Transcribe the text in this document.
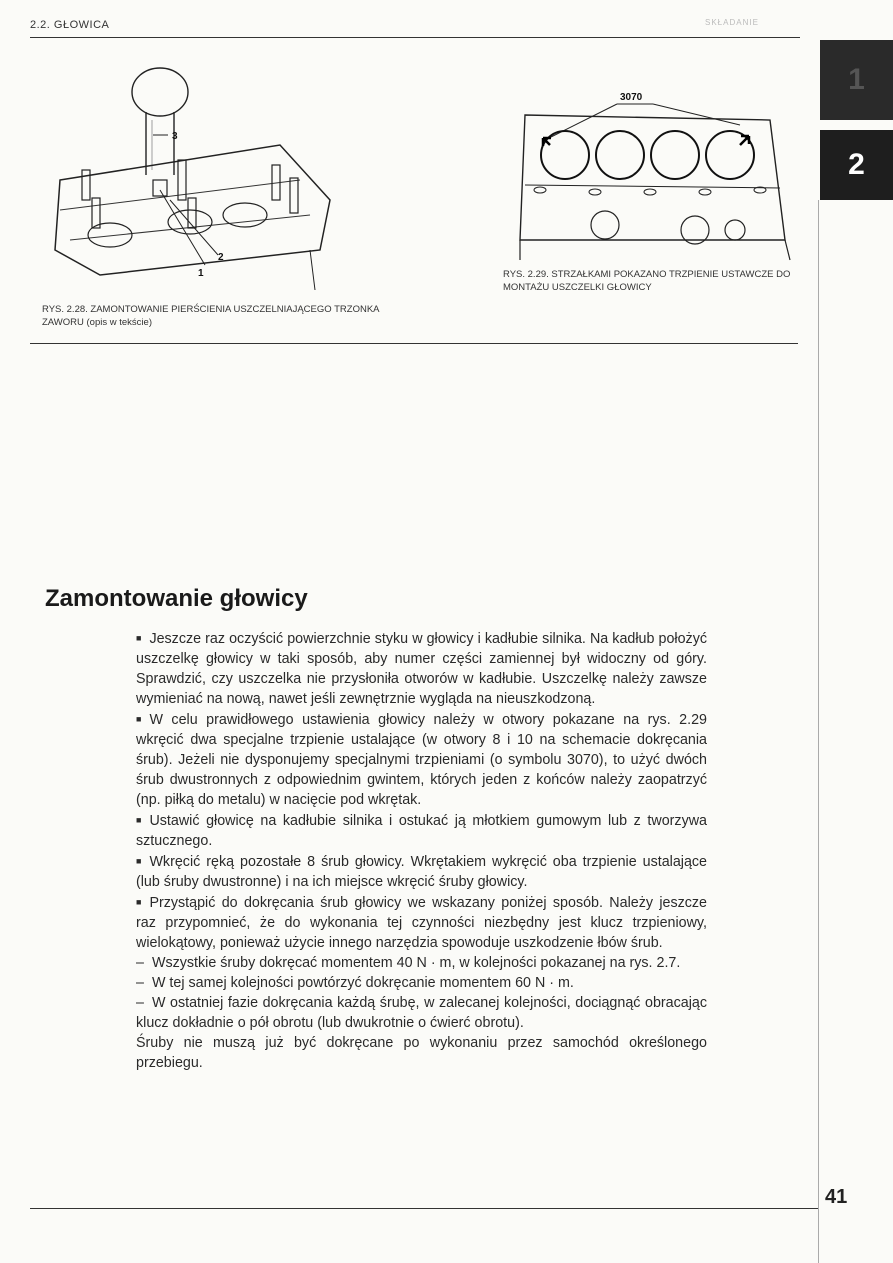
2.2. GŁOWICA	SKŁADANIE
1
2
3
1
2
RYS. 2.28. ZAMONTOWANIE PIERŚCIENIA USZCZELNIAJĄCEGO TRZONKA ZAWORU (opis w tekście)
3070
RYS. 2.29. STRZAŁKAMI POKAZANO TRZPIENIE USTAWCZE DO MONTAŻU USZCZELKI GŁOWICY
Zamontowanie głowicy

■ Jeszcze raz oczyścić powierzchnie styku w głowicy i kadłubie silnika. Na kadłub położyć uszczelkę głowicy w taki sposób, aby numer części zamiennej był widoczny od góry. Sprawdzić, czy uszczelka nie przysłoniła otworów w kadłubie. Uszczelkę należy zawsze wymieniać na nową, nawet jeśli zewnętrznie wygląda na nieuszkodzoną.

■ W celu prawidłowego ustawienia głowicy należy w otwory pokazane na rys. 2.29 wkręcić dwa specjalne trzpienie ustalające (w otwory 8 i 10 na schemacie dokręcania śrub). Jeżeli nie dysponujemy specjalnymi trzpieniami (o symbolu 3070), to użyć dwóch śrub dwustronnych z odpowiednim gwintem, których jeden z końców należy zaopatrzyć (np. piłką do metalu) w nacięcie pod wkrętak.

■ Ustawić głowicę na kadłubie silnika i ostukać ją młotkiem gumowym lub z tworzywa sztucznego.

■ Wkręcić ręką pozostałe 8 śrub głowicy. Wkrętakiem wykręcić oba trzpienie ustalające (lub śruby dwustronne) i na ich miejsce wkręcić śruby głowicy.

■ Przystąpić do dokręcania śrub głowicy we wskazany poniżej sposób. Należy jeszcze raz przypomnieć, że do wykonania tej czynności niezbędny jest klucz trzpieniowy, wielokątowy, ponieważ użycie innego narzędzia spowoduje uszkodzenie łbów śrub.

– Wszystkie śruby dokręcać momentem 40 N · m, w kolejności pokazanej na rys. 2.7.

– W tej samej kolejności powtórzyć dokręcanie momentem 60 N · m.

– W ostatniej fazie dokręcania każdą śrubę, w zalecanej kolejności, dociągnąć obracając klucz dokładnie o pół obrotu (lub dwukrotnie o ćwierć obrotu).

Śruby nie muszą już być dokręcane po wykonaniu przez samochód określonego przebiegu.

41
